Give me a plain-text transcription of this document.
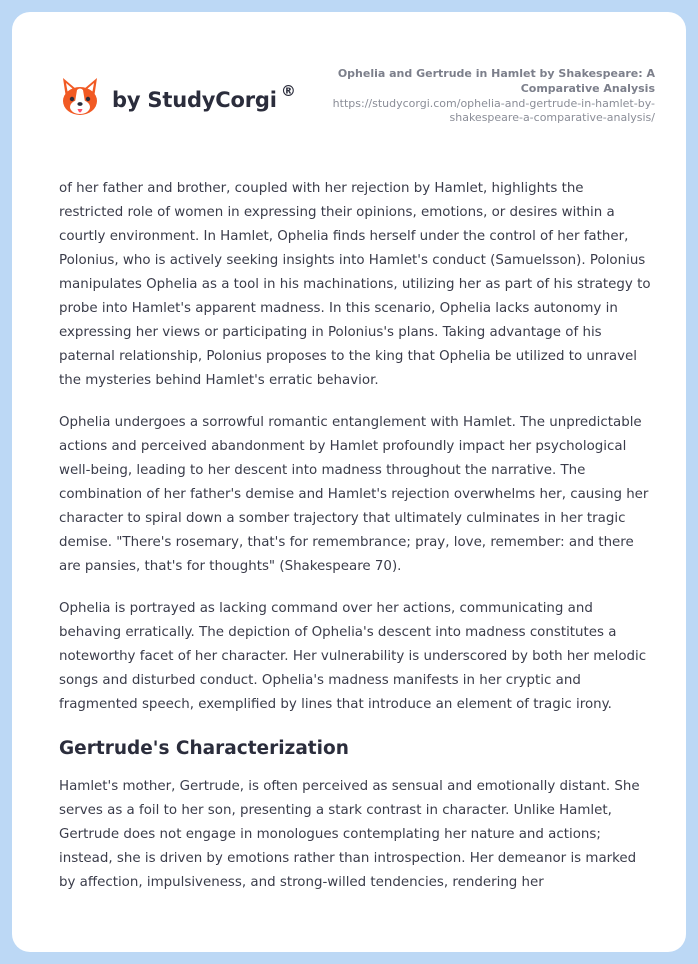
by StudyCorgi ®
Ophelia and Gertrude in Hamlet by Shakespeare: A Comparative Analysis
https://studycorgi.com/ophelia-and-gertrude-in-hamlet-by-shakespeare-a-comparative-analysis/

of her father and brother, coupled with her rejection by Hamlet, highlights the restricted role of women in expressing their opinions, emotions, or desires within a courtly environment. In Hamlet, Ophelia finds herself under the control of her father, Polonius, who is actively seeking insights into Hamlet's conduct (Samuelsson). Polonius manipulates Ophelia as a tool in his machinations, utilizing her as part of his strategy to probe into Hamlet's apparent madness. In this scenario, Ophelia lacks autonomy in expressing her views or participating in Polonius's plans. Taking advantage of his paternal relationship, Polonius proposes to the king that Ophelia be utilized to unravel the mysteries behind Hamlet's erratic behavior.

Ophelia undergoes a sorrowful romantic entanglement with Hamlet. The unpredictable actions and perceived abandonment by Hamlet profoundly impact her psychological well-being, leading to her descent into madness throughout the narrative. The combination of her father's demise and Hamlet's rejection overwhelms her, causing her character to spiral down a somber trajectory that ultimately culminates in her tragic demise. "There's rosemary, that's for remembrance; pray, love, remember: and there are pansies, that's for thoughts" (Shakespeare 70).

Ophelia is portrayed as lacking command over her actions, communicating and behaving erratically. The depiction of Ophelia's descent into madness constitutes a noteworthy facet of her character. Her vulnerability is underscored by both her melodic songs and disturbed conduct. Ophelia's madness manifests in her cryptic and fragmented speech, exemplified by lines that introduce an element of tragic irony.

Gertrude's Characterization

Hamlet's mother, Gertrude, is often perceived as sensual and emotionally distant. She serves as a foil to her son, presenting a stark contrast in character. Unlike Hamlet, Gertrude does not engage in monologues contemplating her nature and actions; instead, she is driven by emotions rather than introspection. Her demeanor is marked by affection, impulsiveness, and strong-willed tendencies, rendering her
